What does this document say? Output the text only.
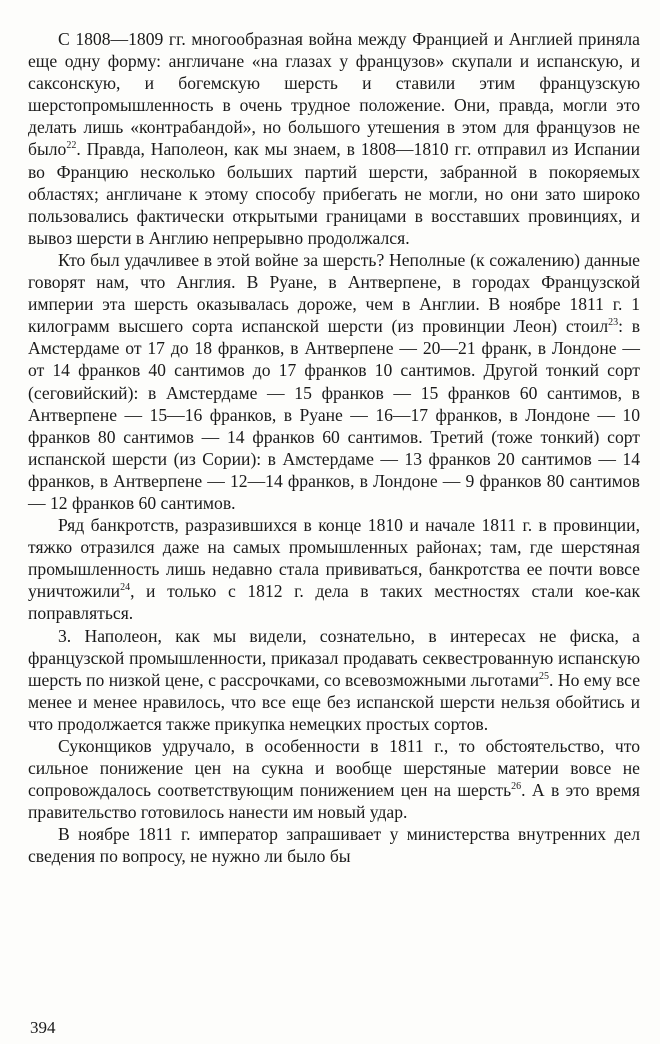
С 1808—1809 гг. многообразная война между Францией и Англией приняла еще одну форму: англичане «на глазах у французов» скупали и испанскую, и саксонскую, и богемскую шерсть и ставили этим французскую шерстопромышленность в очень трудное положение. Они, правда, могли это делать лишь «контрабандой», но большого утешения в этом для французов не было$^{22}$. Правда, Наполеон, как мы знаем, в 1808—1810 гг. отправил из Испании во Францию несколько больших партий шерсти, забранной в покоряемых областях; англичане к этому способу прибегать не могли, но они зато широко пользовались фактически открытыми границами в восставших провинциях, и вывоз шерсти в Англию непрерывно продолжался.

Кто был удачливее в этой войне за шерсть? Неполные (к сожалению) данные говорят нам, что Англия. В Руане, в Антверпене, в городах Французской империи эта шерсть оказывалась дороже, чем в Англии. В ноябре 1811 г. 1 килограмм высшего сорта испанской шерсти (из провинции Леон) стоил$^{23}$: в Амстердаме от 17 до 18 франков, в Антверпене — 20—21 франк, в Лондоне — от 14 франков 40 сантимов до 17 франков 10 сантимов. Другой тонкий сорт (сеговийский): в Амстердаме — 15 франков — 15 франков 60 сантимов, в Антверпене — 15—16 франков, в Руане — 16—17 франков, в Лондоне — 10 франков 80 сантимов — 14 франков 60 сантимов. Третий (тоже тонкий) сорт испанской шерсти (из Сории): в Амстердаме — 13 франков 20 сантимов — 14 франков, в Антверпене — 12—14 франков, в Лондоне — 9 франков 80 сантимов — 12 франков 60 сантимов.

Ряд банкротств, разразившихся в конце 1810 и начале 1811 г. в провинции, тяжко отразился даже на самых промышленных районах; там, где шерстяная промышленность лишь недавно стала прививаться, банкротства ее почти вовсе уничтожили$^{24}$, и только с 1812 г. дела в таких местностях стали кое-как поправляться.

3. Наполеон, как мы видели, сознательно, в интересах не фиска, а французской промышленности, приказал продавать секвестрованную испанскую шерсть по низкой цене, с рассрочками, со всевозможными льготами$^{25}$. Но ему все менее и менее нравилось, что все еще без испанской шерсти нельзя обойтись и что продолжается также прикупка немецких простых сортов.

Суконщиков удручало, в особенности в 1811 г., то обстоятельство, что сильное понижение цен на сукна и вообще шерстяные материи вовсе не сопровождалось соответствующим понижением цен на шерсть$^{26}$. А в это время правительство готовилось нанести им новый удар.

В ноябре 1811 г. император запрашивает у министерства внутренних дел сведения по вопросу, не нужно ли было бы

394
